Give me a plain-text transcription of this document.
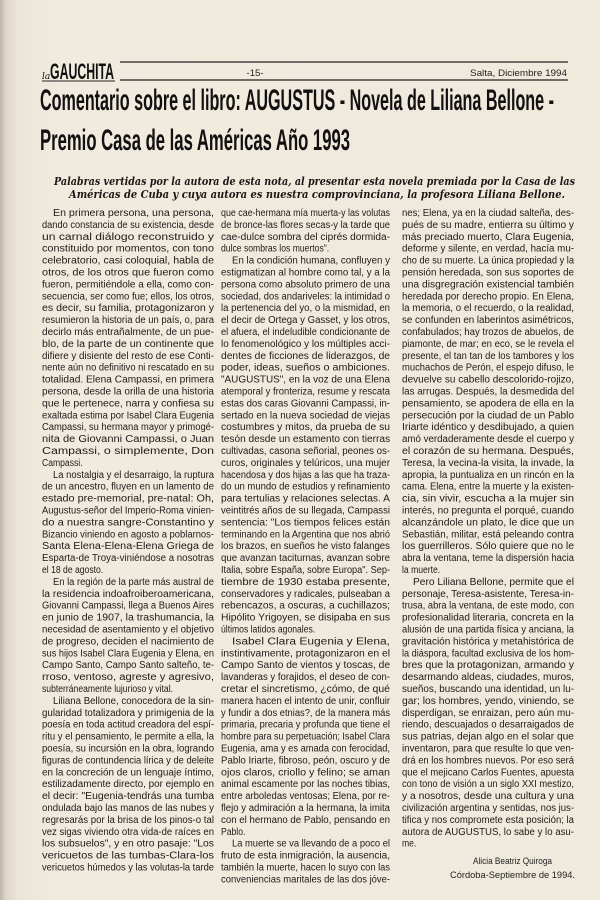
la GAUCHITA	-15-	Salta, Diciembre 1994
Comentario sobre el libro: AUGUSTUS - Novela de Liliana Bellone -
Premio Casa de las Américas Año 1993
Palabras vertidas por la autora de esta nota, al presentar esta novela premiada por la Casa de las
Américas de Cuba y cuya autora es nuestra comprovinciana, la profesora Liliana Bellone.
En primera persona, una persona,
dando constancia de su existencia, desde
un carnal diálogo reconstruido y
constituido por momentos, con tono
celebratorio, casi coloquial, habla de
otros, de los otros que fueron como
fueron, permitiéndole a ella, como con-
secuencia, ser como fue; ellos, los otros,
es decir, su familia, protagonizaron y
resumieron la historia de un país, o, para
decirlo más entrañalmente, de un pue-
blo, de la parte de un continente que
difiere y disiente del resto de ese Conti-
nente aún no definitivo ni rescatado en su
totalidad. Elena Campassi, en primera
persona, desde la orilla de una historia
que le pertenece, narra y confiesa su
exaltada estima por Isabel Clara Eugenia
Campassi, su hermana mayor y primogé-
nita de Giovanni Campassi, o Juan
Campassi, o simplemente, Don
Campassi.
La nostalgia y el desarraigo, la ruptura
de un ancestro, fluyen en un lamento de
estado pre-memorial, pre-natal: Oh,
Augustus-señor del Imperio-Roma vinien-
do a nuestra sangre-Constantino y
Bizancio viniendo en agosto a poblarnos-
Santa Elena-Elena-Elena Griega de
Esparta-de Troya-viniéndose a nosotras
el 18 de agosto.
En la región de la parte más austral de
la residencia indoafroiberoamericana,
Giovanni Campassi, llega a Buenos Aires
en junio de 1907, la trashumancia, la
necesidad de asentamiento y el objetivo
de progreso, deciden el nacimiento de
sus hijos Isabel Clara Eugenia y Elena, en
Campo Santo, Campo Santo salteño, te-
rroso, ventoso, agreste y agresivo,
subterráneamente lujurioso y vital.
Liliana Bellone, conocedora de la sin-
gularidad totalizadora y primigenia de la
poesía en toda actitud creadora del espí-
ritu y el pensamiento, le permite a ella, la
poesía, su incursión en la obra, logrando
figuras de contundencia lírica y de deleite
en la concreción de un lenguaje íntimo,
estilizadamente directo, por ejemplo en
el decir: "Eugenia-tendrás una tumba
ondulada bajo las manos de las nubes y
regresarás por la brisa de los pinos-o tal
vez sigas viviendo otra vida-de raíces en
los subsuelos", y en otro pasaje: "Los
vericuetos de las tumbas-Clara-los
vericuetos húmedos y las volutas-la tarde
que cae-hermana mía muerta-y las volutas
de bronce-las flores secas-y la tarde que
cae-dulce sombra del ciprés dormida-
dulce sombras los muertos".
En la condición humana, confluyen y
estigmatizan al hombre como tal, y a la
persona como absoluto primero de una
sociedad, dos andariveles: la intimidad o
la pertenencia del yo, o la mismidad, en
el decir de Ortega y Gasset, y los otros,
el afuera, el indeludible condicionante de
lo fenomenológico y los múltiples acci-
dentes de ficciones de liderazgos, de
poder, ideas, sueños o ambiciones.
"AUGUSTUS", en la voz de una Elena
atemporal y fronteriza, resume y rescata
estas dos caras Giovanni Campassi, in-
sertado en la nueva sociedad de viejas
costumbres y mitos, da prueba de su
tesón desde un estamento con tierras
cultivadas, casona señorial, peones os-
curos, originales y telúricos, una mujer
hacendosa y dos hijas a las que ha traza-
do un mundo de estudios y refinamiento
para tertulias y relaciones selectas. A
veintitrés años de su llegada, Campassi
sentencia: "Los tiempos felices están
terminando en la Argentina que nos abrió
los brazos, en sueños he visto falanges
que avanzan taciturnas, avanzan sobre
Italia, sobre España, sobre Europa". Sep-
tiembre de 1930 estaba presente,
conservadores y radicales, pulseaban a
rebencazos, a oscuras, a cuchillazos;
Hipólito Yrigoyen, se disipaba en sus
últimos latidos agonales.
Isabel Clara Eugenia y Elena,
instintivamente, protagonizaron en el
Campo Santo de vientos y toscas, de
lavanderas y forajidos, el deseo de con-
cretar el sincretismo, ¿cómo, de qué
manera hacen el intento de unir, confluir
y fundir a dos etnias?, de la manera más
primaria, precaria y profunda que tiene el
hombre para su perpetuación; Isabel Clara
Eugenia, ama y es amada con ferocidad,
Pablo Iriarte, fibroso, peón, oscuro y de
ojos claros, criollo y felino; se aman
animal escamente por las noches tibias,
entre arboledas ventosas; Elena, por re-
flejo y admiración a la hermana, la imita
con el hermano de Pablo, pensando en
Pablo.
La muerte se va llevando de a poco el
fruto de esta inmigración, la ausencia,
también la muerte, hacen lo suyo con las
conveniencias maritales de las dos jóve-
nes; Elena, ya en la ciudad salteña, des-
pués de su madre, entierra su último y
más preciado muerto, Clara Eugenia,
deforme y silente, en verdad, hacía mu-
cho de su muerte. La única propiedad y la
pensión heredada, son sus soportes de
una disgregración existencial también
heredada por derecho propio. En Elena,
la memoria, o el recuerdo, o la realidad,
se confunden en laberintos asimétricos,
confabulados; hay trozos de abuelos, de
piamonte, de mar; en eco, se le revela el
presente, el tan tan de los tambores y los
muchachos de Perón, el espejo difuso, le
devuelve su cabello descolorido-rojizo,
las arrugas. Después, la desmedida del
pensamiento, se apodera de ella en la
persecución por la ciudad de un Pablo
Iriarte idéntico y desdibujado, a quien
amó verdaderamente desde el cuerpo y
el corazón de su hermana. Después,
Teresa, la vecina-la visita, la invade, la
apropia, la puntualiza en un rincón en la
cama. Elena, entre la muerte y la existen-
cia, sin vivir, escucha a la mujer sin
interés, no pregunta el porqué, cuando
alcanzándole un plato, le dice que un
Sebastián, militar, está peleando contra
los guerrilleros. Sólo quiere que no le
abra la ventana, teme la dispersión hacia
la muerte.
Pero Liliana Bellone, permite que el
personaje, Teresa-asistente, Teresa-in-
trusa, abra la ventana, de este modo, con
profesionalidad literaria, concreta en la
alusión de una partida física y anciana, la
gravitación histórica y metahistórica de
la diáspora, facultad exclusiva de los hom-
bres que la protagonizan, armando y
desarmando aldeas, ciudades, muros,
sueños, buscando una identidad, un lu-
gar; los hombres, yendo, viniendo, se
disperdigan, se enraizan, pero aún mu-
riendo, descuajados o desarraigados de
sus patrias, dejan algo en el solar que
inventaron, para que resulte lo que ven-
drá en los hombres nuevos. Por eso será
que el mejicano Carlos Fuentes, apuesta
con tono de visión a un siglo XXI mestizo,
y a nosotros, desde una cultura y una
civilización argentina y sentidas, nos jus-
tifica y nos compromete esta posición; la
autora de AUGUSTUS, lo sabe y lo asu-
me.
Alicia Beatriz Quiroga
Córdoba-Septiembre de 1994.
